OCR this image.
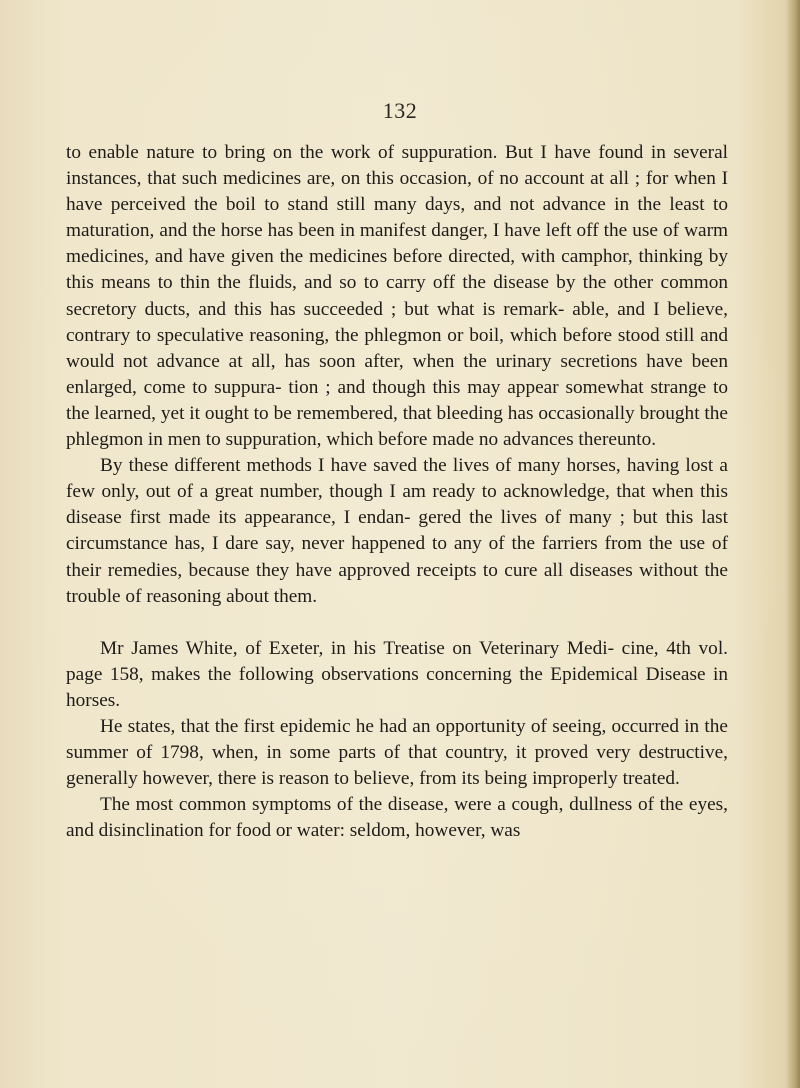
132

to enable nature to bring on the work of suppuration. But I have found in several instances, that such medicines are, on this occasion, of no account at all ; for when I have perceived the boil to stand still many days, and not advance in the least to maturation, and the horse has been in manifest danger, I have left off the use of warm medicines, and have given the medicines before directed, with camphor, thinking by this means to thin the fluids, and so to carry off the disease by the other common secretory ducts, and this has succeeded ; but what is remark- able, and I believe, contrary to speculative reasoning, the phlegmon or boil, which before stood still and would not advance at all, has soon after, when the urinary secretions have been enlarged, come to suppura- tion ; and though this may appear somewhat strange to the learned, yet it ought to be remembered, that bleeding has occasionally brought the phlegmon in men to suppuration, which before made no advances thereunto.

By these different methods I have saved the lives of many horses, having lost a few only, out of a great number, though I am ready to acknowledge, that when this disease first made its appearance, I endan- gered the lives of many ; but this last circumstance has, I dare say, never happened to any of the farriers from the use of their remedies, because they have approved receipts to cure all diseases without the trouble of reasoning about them.

Mr James White, of Exeter, in his Treatise on Veterinary Medi- cine, 4th vol. page 158, makes the following observations concerning the Epidemical Disease in horses.

He states, that the first epidemic he had an opportunity of seeing, occurred in the summer of 1798, when, in some parts of that country, it proved very destructive, generally however, there is reason to believe, from its being improperly treated.

The most common symptoms of the disease, were a cough, dullness of the eyes, and disinclination for food or water: seldom, however, was
